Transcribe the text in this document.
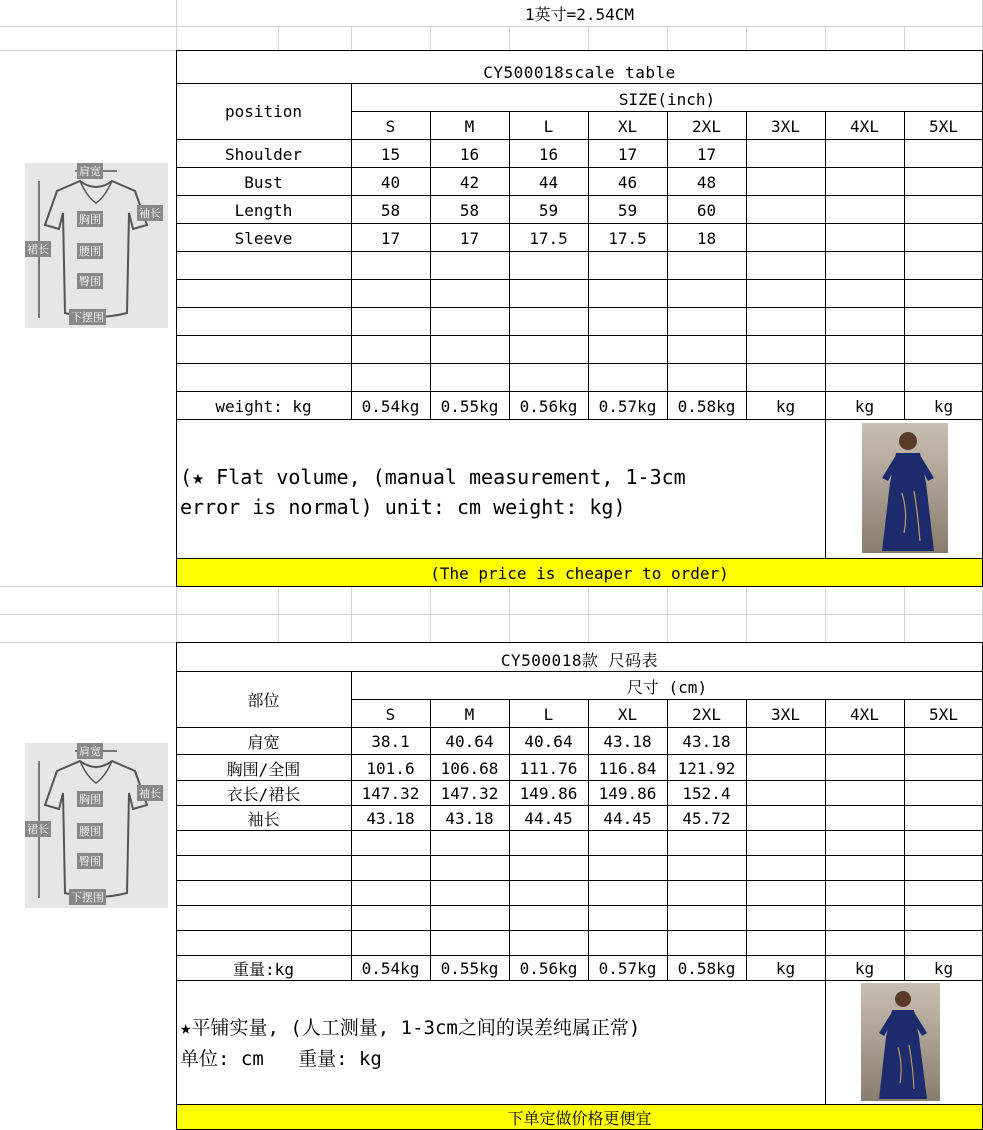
1英寸=2.54CM
肩宽
胸围	袖长
裙长	腰围
臀围
下摆围
CY500018scale table
position
SIZE(inch)
S	M	L	XL	2XL	3XL	4XL	5XL
Shoulder	15	16	16	17	17
Bust	40	42	44	46	48
Length	58	58	59	59	60
Sleeve	17	17	17.5	17.5	18
weight: kg	0.54kg	0.55kg	0.56kg	0.57kg	0.58kg	kg	kg	kg
(★ Flat volume, (manual measurement, 1-3cm
error is normal) unit: cm weight: kg)
(The price is cheaper to order)
肩宽
胸围	袖长
裙长	腰围
臀围
下摆围
CY500018款 尺码表
部位
尺寸 (cm)
S	M	L	XL	2XL	3XL	4XL	5XL
肩宽	38.1	40.64	40.64	43.18	43.18
胸围/全围	101.6	106.68	111.76	116.84	121.92
衣长/裙长	147.32	147.32	149.86	149.86	152.4
袖长	43.18	43.18	44.45	44.45	45.72
重量:kg	0.54kg	0.55kg	0.56kg	0.57kg	0.58kg	kg	kg	kg
★平铺实量, (人工测量, 1-3cm之间的误差纯属正常)
单位: cm   重量: kg
下单定做价格更便宜
